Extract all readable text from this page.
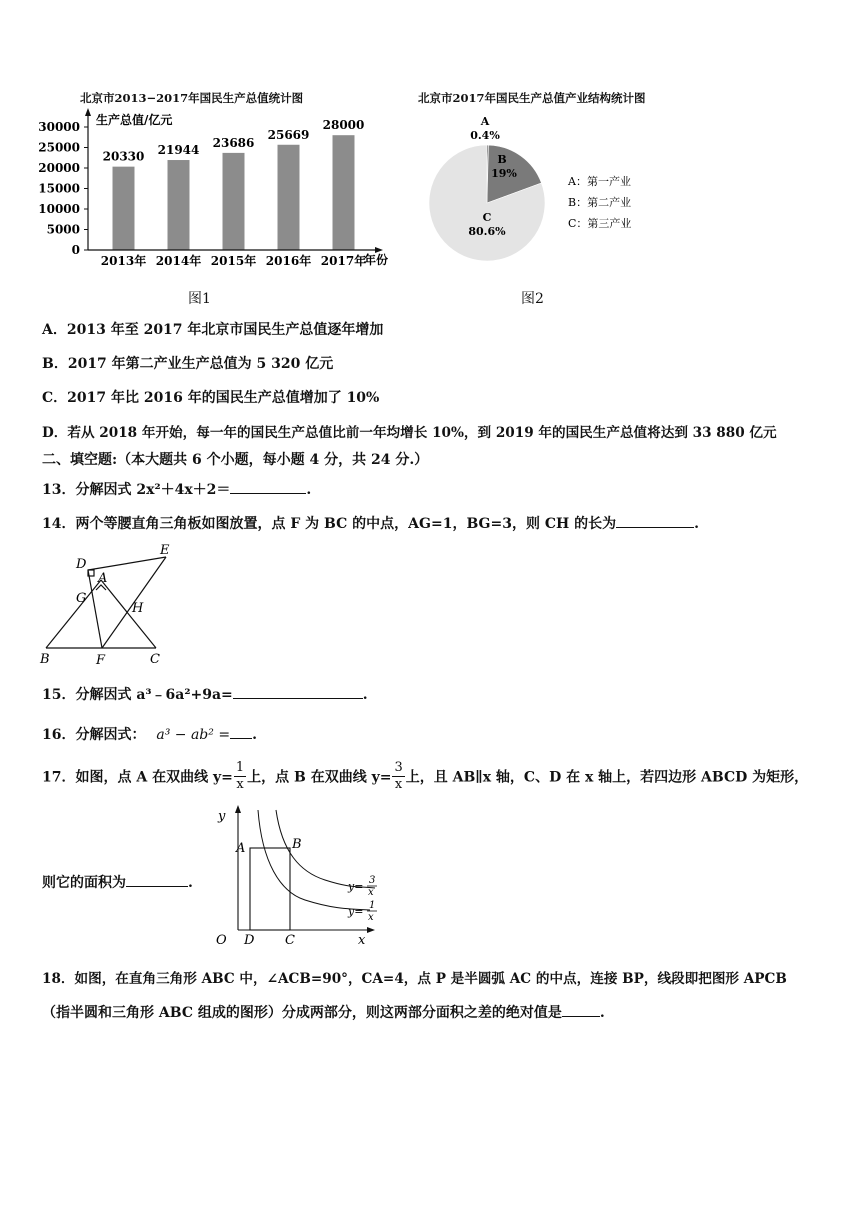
北京市2013−2017年国民生产总值统计图
30000
25000
20000
15000
10000
5000
0
2013年 2014年 2015年 2016年 2017年
20330 21944
23686
25669
28000
生产总值/亿元
年份
图1
北京市2017年国民生产总值产业结构统计图
A
0.4%
B
19%
C
80.6%
A：第一产业
B：第二产业
C：第三产业
图2
A．2013 年至 2017 年北京市国民生产总值逐年增加
B．2017 年第二产业生产总值为 5 320 亿元
C．2017 年比 2016 年的国民生产总值增加了 10%
D．若从 2018 年开始，每一年的国民生产总值比前一年均增长 10%，到 2019 年的国民生产总值将达到 33 880 亿元
二、填空题:（本大题共 6 个小题，每小题 4 分，共 24 分.）
13．分解因式 2x²＋4x＋2＝	.
14．两个等腰直角三角板如图放置，点 F 为 BC 的中点，AG=1，BG=3，则 CH 的长为	.
D
E
A
G
H
B	F	C
15．分解因式 a³﹣6a²+9a=	.
16．分解因式： a³ − ab² = .
17．如图，点 A 在双曲线 $y= \frac{1}{x}$ 上，点 B 在双曲线 $y= \frac{3}{x}$ 上，且 AB∥x 轴，C、D 在 x 轴上，若四边形 ABCD 为矩形，
则它的面积为	.
y
x
O
A	B
D C
y= 3
x
y= 1
x
18．如图，在直角三角形 ABC 中，∠ACB=90°，CA=4，点 P 是半圆弧 AC 的中点，连接 BP，线段即把图形 APCB
（指半圆和三角形 ABC 组成的图形）分成两部分，则这两部分面积之差的绝对值是	.
